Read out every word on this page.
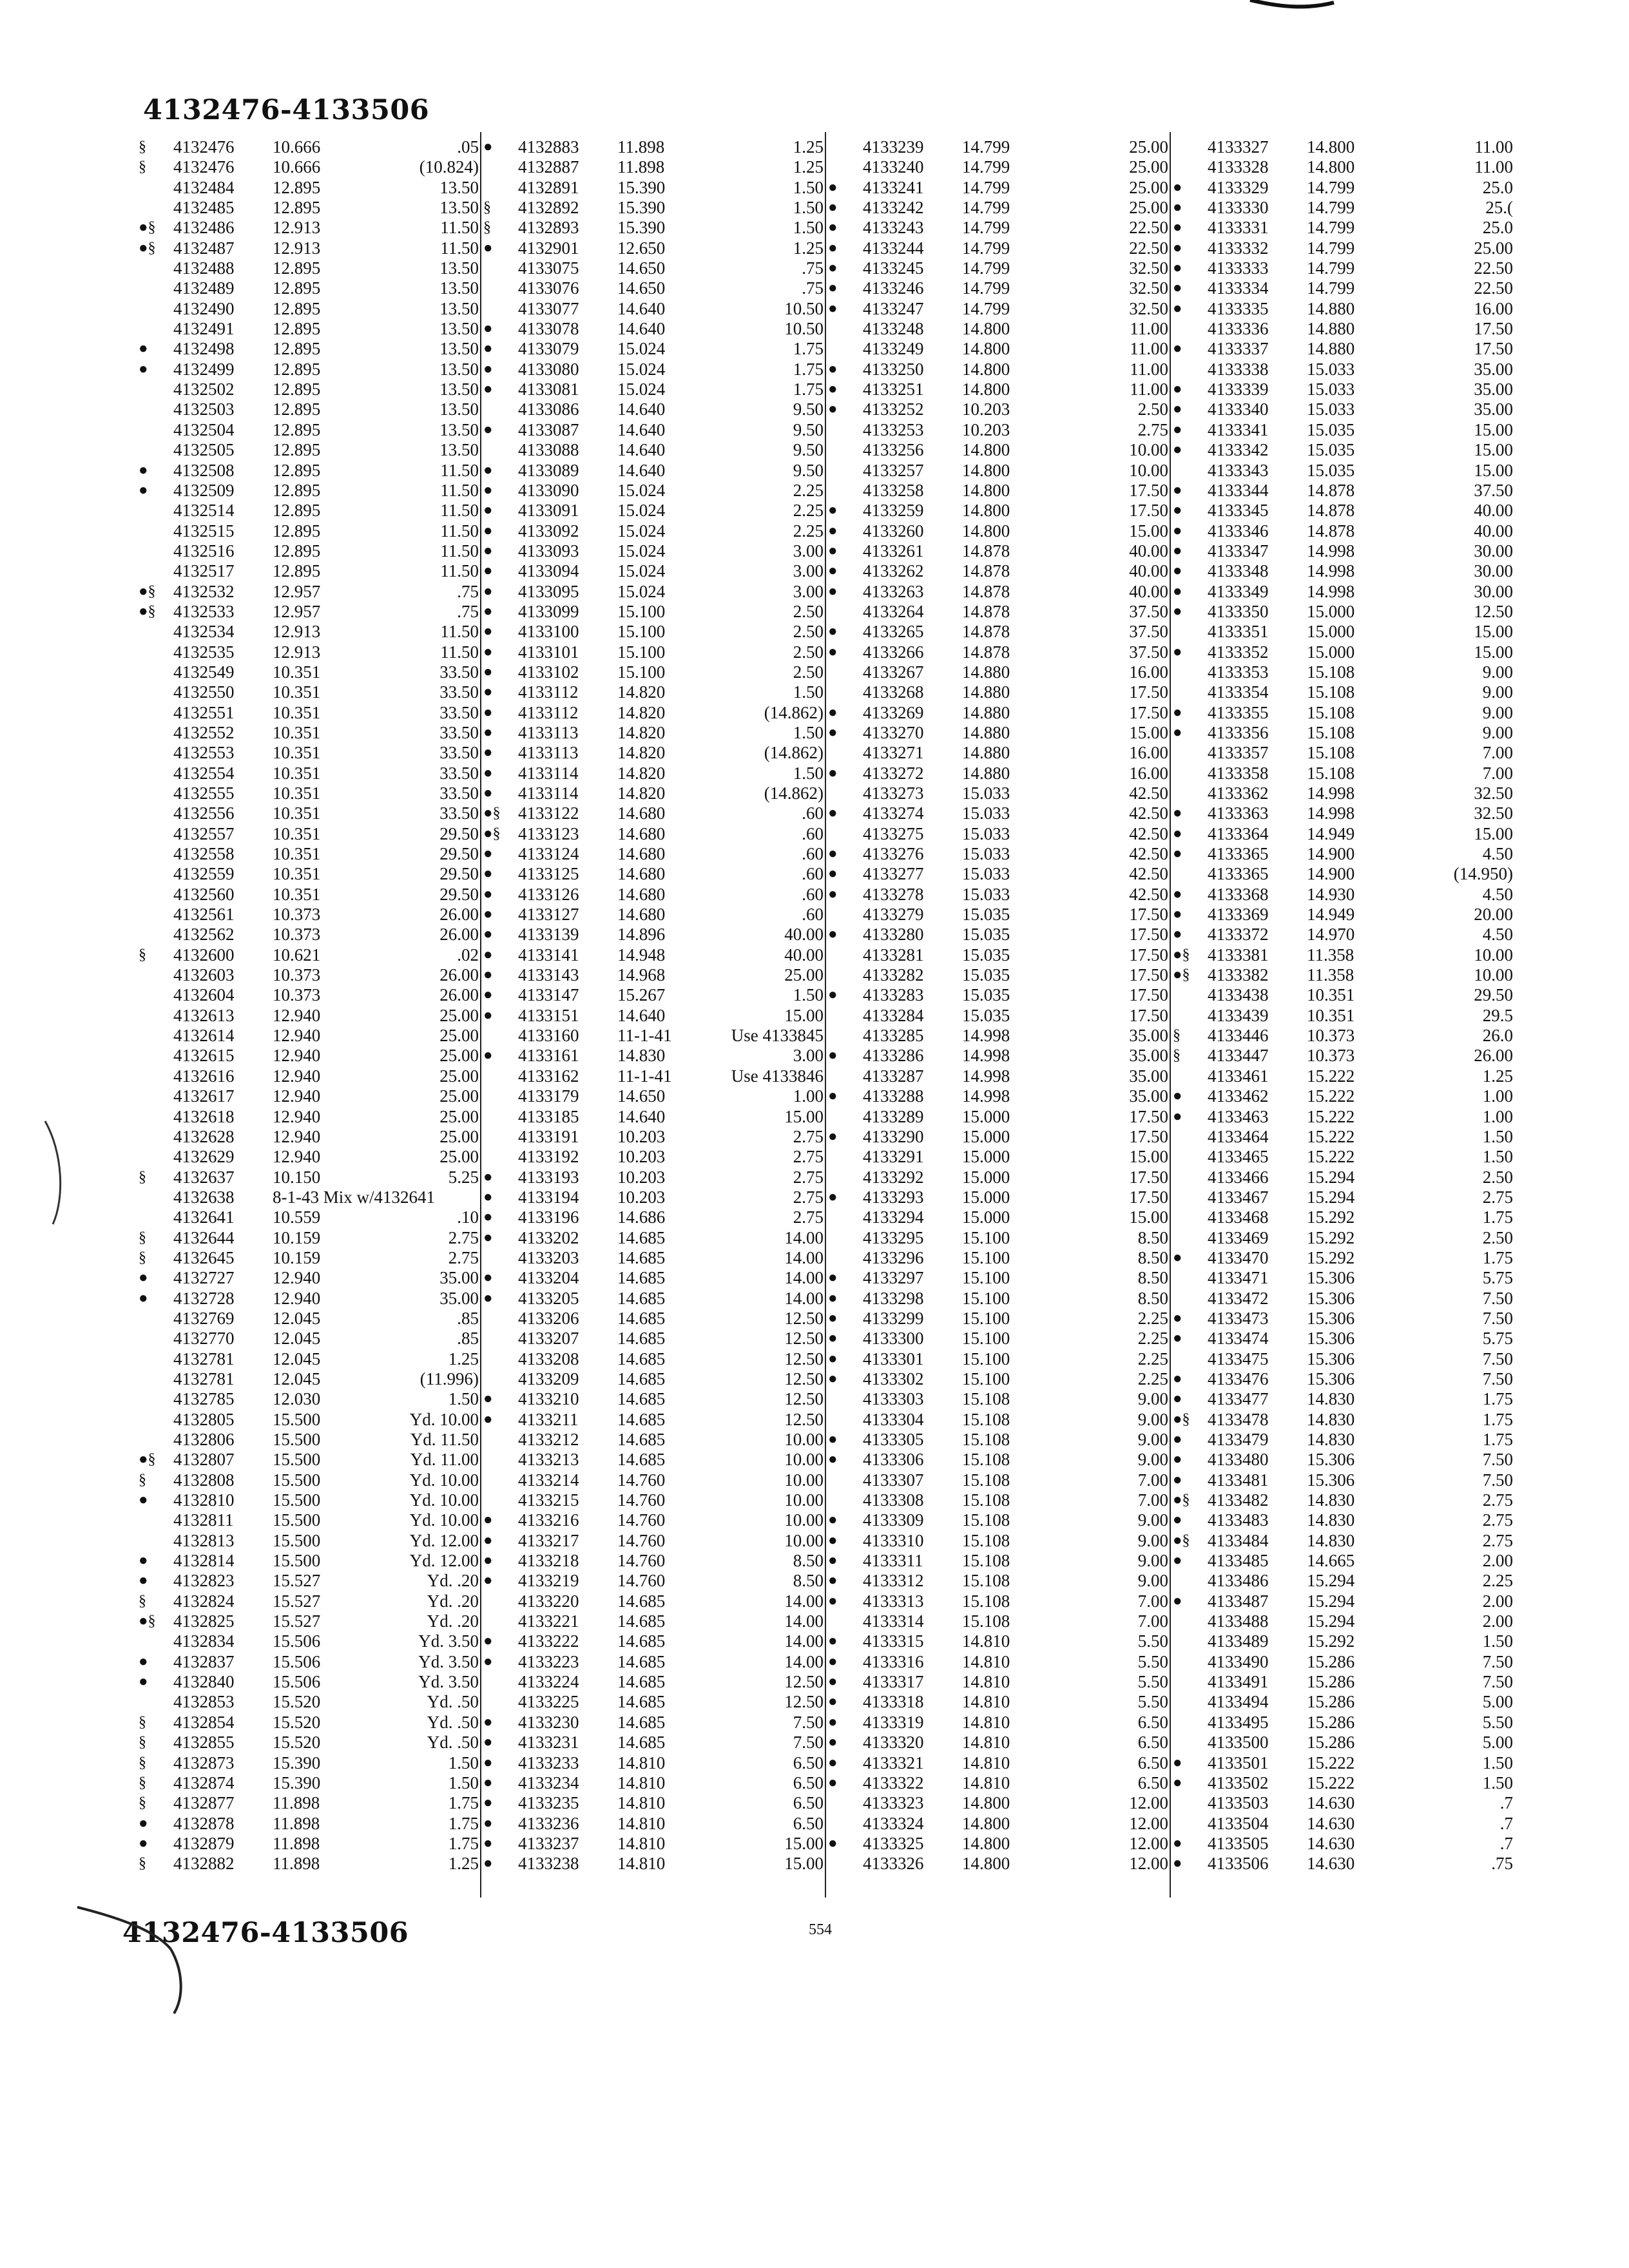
4132476-4133506
§	4132476 10.666	.05
§	4132476 10.666	(10.824)
4132484 12.895	13.50
4132485 12.895	13.50
●§	4132486 12.913	11.50
●§	4132487 12.913	11.50
4132488 12.895	13.50
4132489 12.895	13.50
4132490 12.895	13.50
4132491 12.895	13.50
●	4132498 12.895	13.50
●	4132499 12.895	13.50
4132502 12.895	13.50
4132503 12.895	13.50
4132504 12.895	13.50
4132505 12.895	13.50
●	4132508 12.895	11.50
●	4132509 12.895	11.50
4132514 12.895	11.50
4132515 12.895	11.50
4132516 12.895	11.50
4132517 12.895	11.50
●§	4132532 12.957	.75
●§	4132533 12.957	.75
4132534 12.913	11.50
4132535 12.913	11.50
4132549 10.351	33.50
4132550 10.351	33.50
4132551 10.351	33.50
4132552 10.351	33.50
4132553 10.351	33.50
4132554 10.351	33.50
4132555 10.351	33.50
4132556 10.351	33.50
4132557 10.351	29.50
4132558 10.351	29.50
4132559 10.351	29.50
4132560 10.351	29.50
4132561 10.373	26.00
4132562 10.373	26.00
§	4132600 10.621	.02
4132603 10.373	26.00
4132604 10.373	26.00
4132613 12.940	25.00
4132614 12.940	25.00
4132615 12.940	25.00
4132616 12.940	25.00
4132617 12.940	25.00
4132618 12.940	25.00
4132628 12.940	25.00
4132629 12.940	25.00
§	4132637 10.150	5.25
4132638 8-1-43 Mix w/4132641
4132641 10.559	.10
§	4132644 10.159	2.75
§	4132645 10.159	2.75
●	4132727 12.940	35.00
●	4132728 12.940	35.00
4132769 12.045	.85
4132770 12.045	.85
4132781 12.045	1.25
4132781 12.045	(11.996)
4132785 12.030	1.50
4132805 15.500	Yd. 10.00
4132806 15.500	Yd. 11.50
●§	4132807 15.500	Yd. 11.00
§	4132808 15.500	Yd. 10.00
●	4132810 15.500	Yd. 10.00
4132811 15.500	Yd. 10.00
4132813 15.500	Yd. 12.00
●	4132814 15.500	Yd. 12.00
●	4132823 15.527	Yd. .20
§	4132824 15.527	Yd. .20
●§	4132825 15.527	Yd. .20
4132834 15.506	Yd. 3.50
●	4132837 15.506	Yd. 3.50
●	4132840 15.506	Yd. 3.50
4132853 15.520	Yd. .50
§	4132854 15.520	Yd. .50
§	4132855 15.520	Yd. .50
§	4132873 15.390	1.50
§	4132874 15.390	1.50
§	4132877 11.898	1.75
●	4132878 11.898	1.75
●	4132879 11.898	1.75
§	4132882 11.898	1.25
●	4132883 11.898	1.25
4132887 11.898	1.25
4132891 15.390	1.50
§	4132892 15.390	1.50
§	4132893 15.390	1.50
●	4132901 12.650	1.25
4133075 14.650	.75
4133076 14.650	.75
4133077 14.640	10.50
●	4133078 14.640	10.50
●	4133079 15.024	1.75
●	4133080 15.024	1.75
●	4133081 15.024	1.75
4133086 14.640	9.50
●	4133087 14.640	9.50
4133088 14.640	9.50
●	4133089 14.640	9.50
●	4133090 15.024	2.25
●	4133091 15.024	2.25
●	4133092 15.024	2.25
●	4133093 15.024	3.00
●	4133094 15.024	3.00
●	4133095 15.024	3.00
●	4133099 15.100	2.50
●	4133100 15.100	2.50
●	4133101 15.100	2.50
●	4133102 15.100	2.50
●	4133112 14.820	1.50
●	4133112 14.820	(14.862)
●	4133113 14.820	1.50
●	4133113 14.820	(14.862)
●	4133114 14.820	1.50
●	4133114 14.820	(14.862)
●§	4133122 14.680	.60
●§	4133123 14.680	.60
●	4133124 14.680	.60
●	4133125 14.680	.60
●	4133126 14.680	.60
●	4133127 14.680	.60
●	4133139 14.896	40.00
●	4133141 14.948	40.00
●	4133143 14.968	25.00
●	4133147 15.267	1.50
●	4133151 14.640	15.00
4133160 11-1-41	Use 4133845
●	4133161 14.830	3.00
4133162 11-1-41	Use 4133846
4133179 14.650	1.00
4133185 14.640	15.00
4133191 10.203	2.75
4133192 10.203	2.75
●	4133193 10.203	2.75
●	4133194 10.203	2.75
●	4133196 14.686	2.75
●	4133202 14.685	14.00
4133203 14.685	14.00
●	4133204 14.685	14.00
●	4133205 14.685	14.00
4133206 14.685	12.50
4133207 14.685	12.50
4133208 14.685	12.50
4133209 14.685	12.50
●	4133210 14.685	12.50
●	4133211 14.685	12.50
4133212 14.685	10.00
4133213 14.685	10.00
4133214 14.760	10.00
4133215 14.760	10.00
●	4133216 14.760	10.00
●	4133217 14.760	10.00
●	4133218 14.760	8.50
●	4133219 14.760	8.50
4133220 14.685	14.00
4133221 14.685	14.00
●	4133222 14.685	14.00
●	4133223 14.685	14.00
4133224 14.685	12.50
4133225 14.685	12.50
●	4133230 14.685	7.50
●	4133231 14.685	7.50
●	4133233 14.810	6.50
●	4133234 14.810	6.50
●	4133235 14.810	6.50
●	4133236 14.810	6.50
●	4133237 14.810	15.00
●	4133238 14.810	15.00
4133239 14.799	25.00
4133240 14.799	25.00
●	4133241 14.799	25.00
●	4133242 14.799	25.00
●	4133243 14.799	22.50
●	4133244 14.799	22.50
●	4133245 14.799	32.50
●	4133246 14.799	32.50
●	4133247 14.799	32.50
4133248 14.800	11.00
4133249 14.800	11.00
●	4133250 14.800	11.00
●	4133251 14.800	11.00
●	4133252 10.203	2.50
4133253 10.203	2.75
4133256 14.800	10.00
4133257 14.800	10.00
4133258 14.800	17.50
●	4133259 14.800	17.50
●	4133260 14.800	15.00
●	4133261 14.878	40.00
●	4133262 14.878	40.00
●	4133263 14.878	40.00
4133264 14.878	37.50
●	4133265 14.878	37.50
●	4133266 14.878	37.50
4133267 14.880	16.00
4133268 14.880	17.50
●	4133269 14.880	17.50
●	4133270 14.880	15.00
4133271 14.880	16.00
●	4133272 14.880	16.00
4133273 15.033	42.50
●	4133274 15.033	42.50
4133275 15.033	42.50
●	4133276 15.033	42.50
●	4133277 15.033	42.50
●	4133278 15.033	42.50
4133279 15.035	17.50
●	4133280 15.035	17.50
4133281 15.035	17.50
4133282 15.035	17.50
●	4133283 15.035	17.50
4133284 15.035	17.50
4133285 14.998	35.00
●	4133286 14.998	35.00
4133287 14.998	35.00
●	4133288 14.998	35.00
4133289 15.000	17.50
●	4133290 15.000	17.50
4133291 15.000	15.00
4133292 15.000	17.50
●	4133293 15.000	17.50
4133294 15.000	15.00
4133295 15.100	8.50
4133296 15.100	8.50
●	4133297 15.100	8.50
●	4133298 15.100	8.50
●	4133299 15.100	2.25
●	4133300 15.100	2.25
●	4133301 15.100	2.25
●	4133302 15.100	2.25
4133303 15.108	9.00
4133304 15.108	9.00
●	4133305 15.108	9.00
●	4133306 15.108	9.00
4133307 15.108	7.00
4133308 15.108	7.00
●	4133309 15.108	9.00
●	4133310 15.108	9.00
●	4133311 15.108	9.00
●	4133312 15.108	9.00
●	4133313 15.108	7.00
4133314 15.108	7.00
●	4133315 14.810	5.50
●	4133316 14.810	5.50
●	4133317 14.810	5.50
●	4133318 14.810	5.50
●	4133319 14.810	6.50
●	4133320 14.810	6.50
●	4133321 14.810	6.50
●	4133322 14.810	6.50
4133323 14.800	12.00
4133324 14.800	12.00
●	4133325 14.800	12.00
4133326 14.800	12.00
4133327 14.800	11.00
4133328 14.800	11.00
●	4133329 14.799	25.0
●	4133330 14.799	25.(
●	4133331 14.799	25.0
●	4133332 14.799	25.00
●	4133333 14.799	22.50
●	4133334 14.799	22.50
●	4133335 14.880	16.00
4133336 14.880	17.50
●	4133337 14.880	17.50
4133338 15.033	35.00
●	4133339 15.033	35.00
●	4133340 15.033	35.00
●	4133341 15.035	15.00
●	4133342 15.035	15.00
4133343 15.035	15.00
●	4133344 14.878	37.50
●	4133345 14.878	40.00
●	4133346 14.878	40.00
●	4133347 14.998	30.00
●	4133348 14.998	30.00
●	4133349 14.998	30.00
●	4133350 15.000	12.50
4133351 15.000	15.00
●	4133352 15.000	15.00
4133353 15.108	9.00
4133354 15.108	9.00
●	4133355 15.108	9.00
●	4133356 15.108	9.00
4133357 15.108	7.00
4133358 15.108	7.00
4133362 14.998	32.50
●	4133363 14.998	32.50
●	4133364 14.949	15.00
●	4133365 14.900	4.50
4133365 14.900	(14.950)
●	4133368 14.930	4.50
●	4133369 14.949	20.00
●	4133372 14.970	4.50
●§	4133381 11.358	10.00
●§	4133382 11.358	10.00
4133438 10.351	29.50
4133439 10.351	29.5
§	4133446 10.373	26.0
§	4133447 10.373	26.00
4133461 15.222	1.25
●	4133462 15.222	1.00
●	4133463 15.222	1.00
4133464 15.222	1.50
4133465 15.222	1.50
4133466 15.294	2.50
4133467 15.294	2.75
4133468 15.292	1.75
4133469 15.292	2.50
●	4133470 15.292	1.75
4133471 15.306	5.75
4133472 15.306	7.50
●	4133473 15.306	7.50
●	4133474 15.306	5.75
4133475 15.306	7.50
●	4133476 15.306	7.50
●	4133477 14.830	1.75
●§	4133478 14.830	1.75
●	4133479 14.830	1.75
●	4133480 15.306	7.50
●	4133481 15.306	7.50
●§	4133482 14.830	2.75
●	4133483 14.830	2.75
●§	4133484 14.830	2.75
●	4133485 14.665	2.00
4133486 15.294	2.25
●	4133487 15.294	2.00
4133488 15.294	2.00
4133489 15.292	1.50
4133490 15.286	7.50
4133491 15.286	7.50
4133494 15.286	5.00
4133495 15.286	5.50
4133500 15.286	5.00
●	4133501 15.222	1.50
●	4133502 15.222	1.50
4133503 14.630	.7
4133504 14.630	.7
●	4133505 14.630	.7
●	4133506 14.630	.75
4132476-4133506	554
